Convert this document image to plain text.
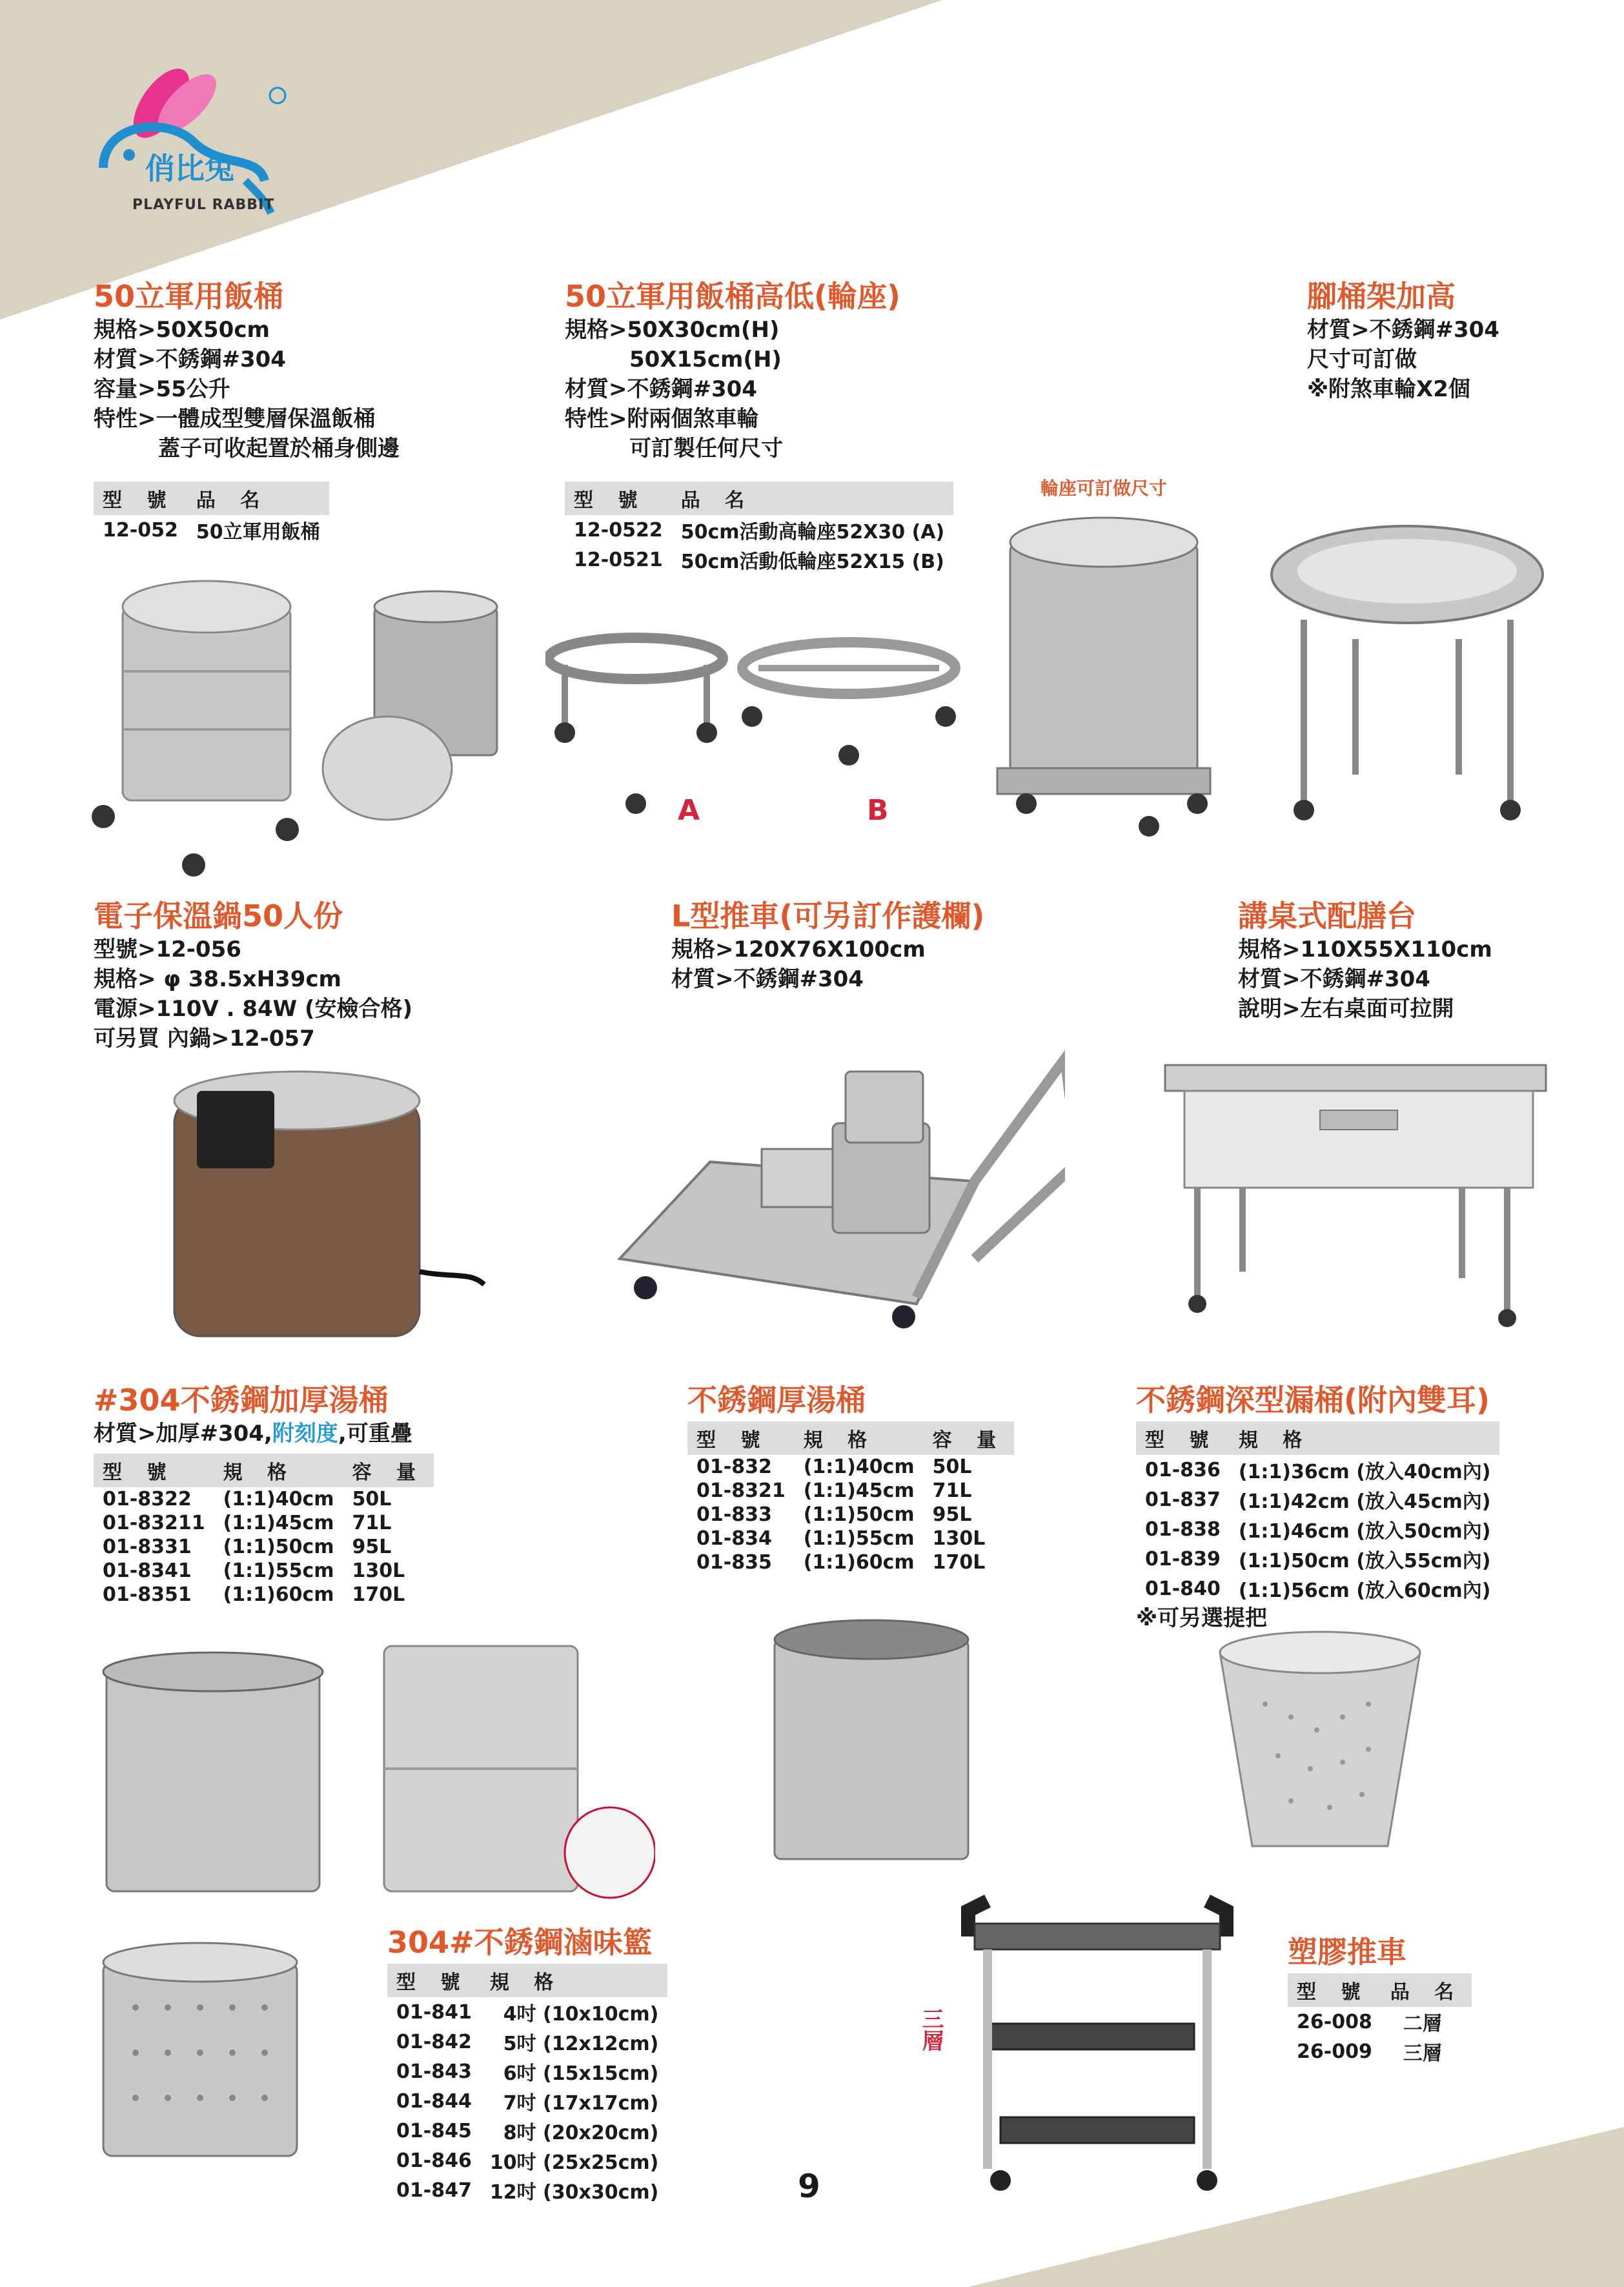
俏比兔
PLAYFUL RABBIT
50立軍用飯桶
規格>50X50cm
材質>不銹鋼#304
容量>55公升
特性>一體成型雙層保溫飯桶
蓋子可收起置於桶身側邊
型 號	品 名
12-052	50立軍用飯桶
50立軍用飯桶高低(輪座)
規格>50X30cm(H)
50X15cm(H)
材質>不銹鋼#304
特性>附兩個煞車輪
可訂製任何尺寸
型 號	品 名
12-0522	50cm活動高輪座52X30 (A)
12-0521	50cm活動低輪座52X15 (B)
輪座可訂做尺寸
A	B
腳桶架加高
材質>不銹鋼#304
尺寸可訂做
※附煞車輪X2個
電子保溫鍋50人份
型號>12-056
規格> φ 38.5xH39cm
電源>110V . 84W (安檢合格)
可另買 內鍋>12-057
L型推車(可另訂作護欄)
規格>120X76X100cm
材質>不銹鋼#304
講桌式配膳台
規格>110X55X110cm
材質>不銹鋼#304
說明>左右桌面可拉開
#304不銹鋼加厚湯桶
材質>加厚#304,附刻度,可重疊
型 號	規 格	容 量
01-8322	(1:1)40cm	50L
01-83211	(1:1)45cm	71L
01-8331	(1:1)50cm	95L
01-8341	(1:1)55cm	130L
01-8351	(1:1)60cm	170L
不銹鋼厚湯桶
型 號	規 格	容 量
01-832	(1:1)40cm	50L
01-8321	(1:1)45cm	71L
01-833	(1:1)50cm	95L
01-834	(1:1)55cm	130L
01-835	(1:1)60cm	170L
不銹鋼深型漏桶(附內雙耳)
型 號	規 格
01-836	(1:1)36cm (放入40cm內)
01-837	(1:1)42cm (放入45cm內)
01-838	(1:1)46cm (放入50cm內)
01-839	(1:1)50cm (放入55cm內)
01-840	(1:1)56cm (放入60cm內)
※可另選提把
304#不銹鋼滷味籃
型 號	規 格
01-841	4吋 (10x10cm)
01-842	5吋 (12x12cm)
01-843	6吋 (15x15cm)
01-844	7吋 (17x17cm)
01-845	8吋 (20x20cm)
01-846	10吋 (25x25cm)
01-847	12吋 (30x30cm)
三層
塑膠推車
型 號	品 名
26-008	二層
26-009	三層
9
